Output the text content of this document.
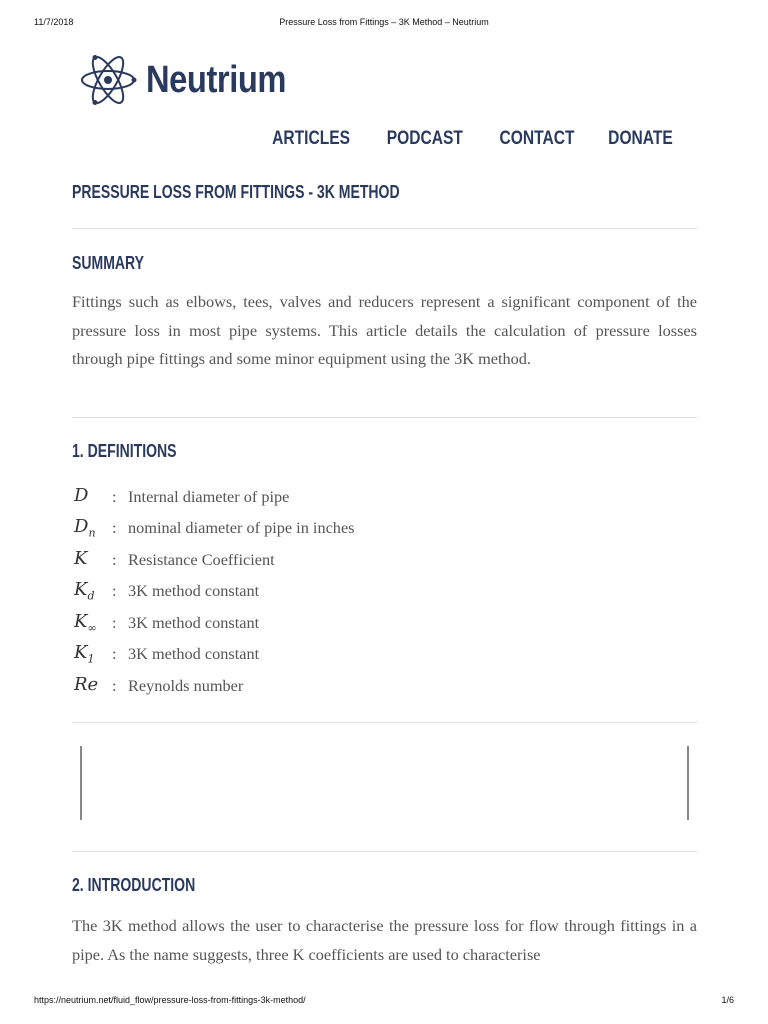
11/7/2018	Pressure Loss from Fittings – 3K Method – Neutrium
Neutrium
ARTICLES PODCAST CONTACT DONATE
PRESSURE LOSS FROM FITTINGS - 3K METHOD
SUMMARY
Fittings such as elbows, tees, valves and reducers represent a significant component of the pressure loss in most pipe systems. This article details the calculation of pressure losses through pipe fittings and some minor equipment using the 3K method.
1. DEFINITIONS
D	: Internal diameter of pipe
$D_n$	: nominal diameter of pipe in inches
K	: Resistance Coefficient
$K_d$	: 3K method constant
$K_\infty$ : 3K method constant
$K_1$	: 3K method constant
Re : Reynolds number
2. INTRODUCTION
The 3K method allows the user to characterise the pressure loss for flow through fittings in a pipe. As the name suggests, three K coefficients are used to characterise
https://neutrium.net/fluid_flow/pressure-loss-from-fittings-3k-method/	1/6
